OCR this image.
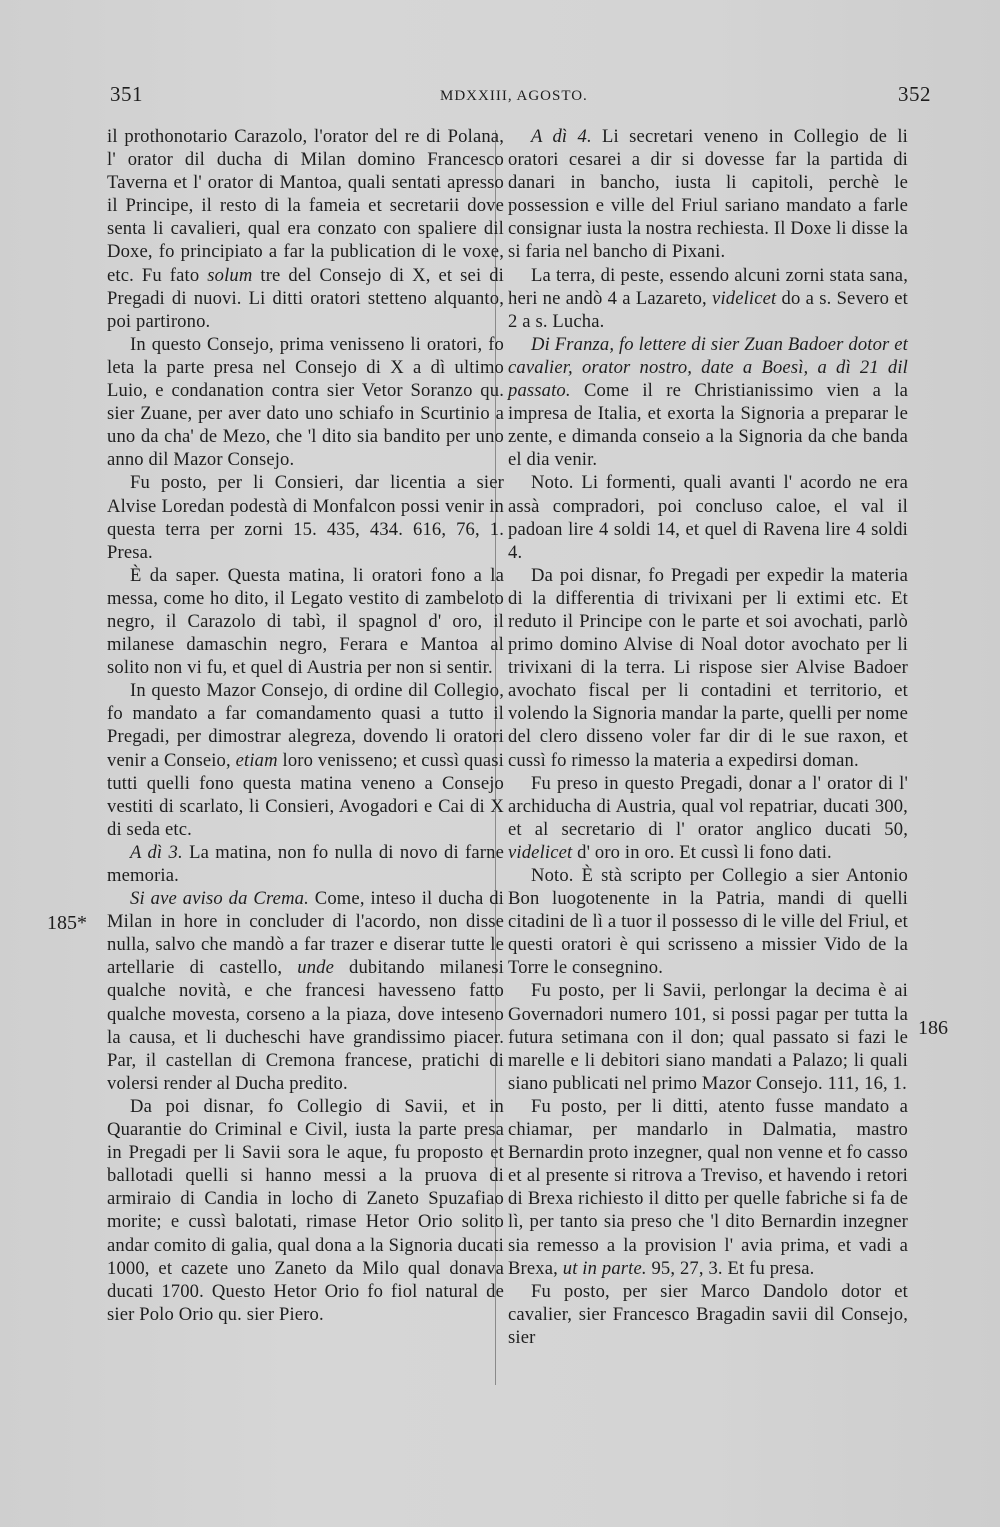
351	MDXXIII, AGOSTO.	352
185*
186

il prothonotario Carazolo, l'orator del re di Polana, l' orator dil ducha di Milan domino Francesco Taverna et l' orator di Mantoa, quali sentati apresso il Principe, il resto di la fameia et secretarii dove senta li cavalieri, qual era conzato con spaliere dil Doxe, fo principiato a far la publication di le voxe, etc. Fu fato solum tre del Consejo di X, et sei di Pregadi di nuovi. Li ditti oratori stetteno alquanto, poi partirono.

In questo Consejo, prima venisseno li oratori, fo leta la parte presa nel Consejo di X a dì ultimo Luio, e condanation contra sier Vetor Soranzo qu. sier Zuane, per aver dato uno schiafo in Scurtinio a uno da cha' de Mezo, che 'l dito sia bandito per uno anno dil Mazor Consejo.

Fu posto, per li Consieri, dar licentia a sier Alvise Loredan podestà di Monfalcon possi venir in questa terra per zorni 15. 435, 434. 616, 76, 1. Presa.

È da saper. Questa matina, li oratori fono a la messa, come ho dito, il Legato vestito di zambeloto negro, il Carazolo di tabì, il spagnol d' oro, il milanese damaschin negro, Ferara e Mantoa al solito non vi fu, et quel di Austria per non si sentir.

In questo Mazor Consejo, di ordine dil Collegio, fo mandato a far comandamento quasi a tutto il Pregadi, per dimostrar alegreza, dovendo li oratori venir a Conseio, etiam loro venisseno; et cussì quasi tutti quelli fono questa matina veneno a Consejo vestiti di scarlato, li Consieri, Avogadori e Cai di X di seda etc.

A dì 3. La matina, non fo nulla di novo di farne memoria.

Si ave aviso da Crema. Come, inteso il ducha di Milan in hore in concluder di l'acordo, non disse nulla, salvo che mandò a far trazer e diserar tutte le artellarie di castello, unde dubitando milanesi qualche novità, e che francesi havesseno fatto qualche movesta, corseno a la piaza, dove inteseno la causa, et li ducheschi have grandissimo piacer. Par, il castellan di Cremona francese, pratichi di volersi render al Ducha predito.

Da poi disnar, fo Collegio di Savii, et in Quarantie do Criminal e Civil, iusta la parte presa in Pregadi per li Savii sora le aque, fu proposto et ballotadi quelli si hanno messi a la pruova di armiraio di Candia in locho di Zaneto Spuzafiao morite; e cussì balotati, rimase Hetor Orio solito andar comito di galia, qual dona a la Signoria ducati 1000, et cazete uno Zaneto da Milo qual donava ducati 1700. Questo Hetor Orio fo fiol natural de sier Polo Orio qu. sier Piero.

A dì 4. Li secretari veneno in Collegio de li oratori cesarei a dir si dovesse far la partida di danari in bancho, iusta li capitoli, perchè le possession e ville del Friul sariano mandato a farle consignar iusta la nostra rechiesta. Il Doxe li disse la si faria nel bancho di Pixani.

La terra, di peste, essendo alcuni zorni stata sana, heri ne andò 4 a Lazareto, videlicet do a s. Severo et 2 a s. Lucha.

Di Franza, fo lettere di sier Zuan Badoer dotor et cavalier, orator nostro, date a Boesì, a dì 21 dil passato. Come il re Christianissimo vien a la impresa de Italia, et exorta la Signoria a preparar le zente, e dimanda conseio a la Signoria da che banda el dia venir.

Noto. Li formenti, quali avanti l' acordo ne era assà compradori, poi concluso caloe, el val il padoan lire 4 soldi 14, et quel di Ravena lire 4 soldi 4.

Da poi disnar, fo Pregadi per expedir la materia di la differentia di trivixani per li extimi etc. Et reduto il Principe con le parte et soi avochati, parlò primo domino Alvise di Noal dotor avochato per li trivixani di la terra. Li rispose sier Alvise Badoer avochato fiscal per li contadini et territorio, et volendo la Signoria mandar la parte, quelli per nome del clero disseno voler far dir di le sue raxon, et cussì fo rimesso la materia a expedirsi doman.

Fu preso in questo Pregadi, donar a l' orator di l' archiducha di Austria, qual vol repatriar, ducati 300, et al secretario di l' orator anglico ducati 50, videlicet d' oro in oro. Et cussì li fono dati.

Noto. È stà scripto per Collegio a sier Antonio Bon luogotenente in la Patria, mandi di quelli citadini de lì a tuor il possesso di le ville del Friul, et questi oratori è qui scrisseno a missier Vido de la Torre le consegnino.

Fu posto, per li Savii, perlongar la decima è ai Governadori numero 101, si possi pagar per tutta la futura setimana con il don; qual passato si fazi le marelle e li debitori siano mandati a Palazo; li quali siano publicati nel primo Mazor Consejo. 111, 16, 1.

Fu posto, per li ditti, atento fusse mandato a chiamar, per mandarlo in Dalmatia, mastro Bernardin proto inzegner, qual non venne et fo casso et al presente si ritrova a Treviso, et havendo i retori di Brexa richiesto il ditto per quelle fabriche si fa de lì, per tanto sia preso che 'l dito Bernardin inzegner sia remesso a la provision l' avia prima, et vadi a Brexa, ut in parte. 95, 27, 3. Et fu presa.

Fu posto, per sier Marco Dandolo dotor et cavalier, sier Francesco Bragadin savii dil Consejo, sier
